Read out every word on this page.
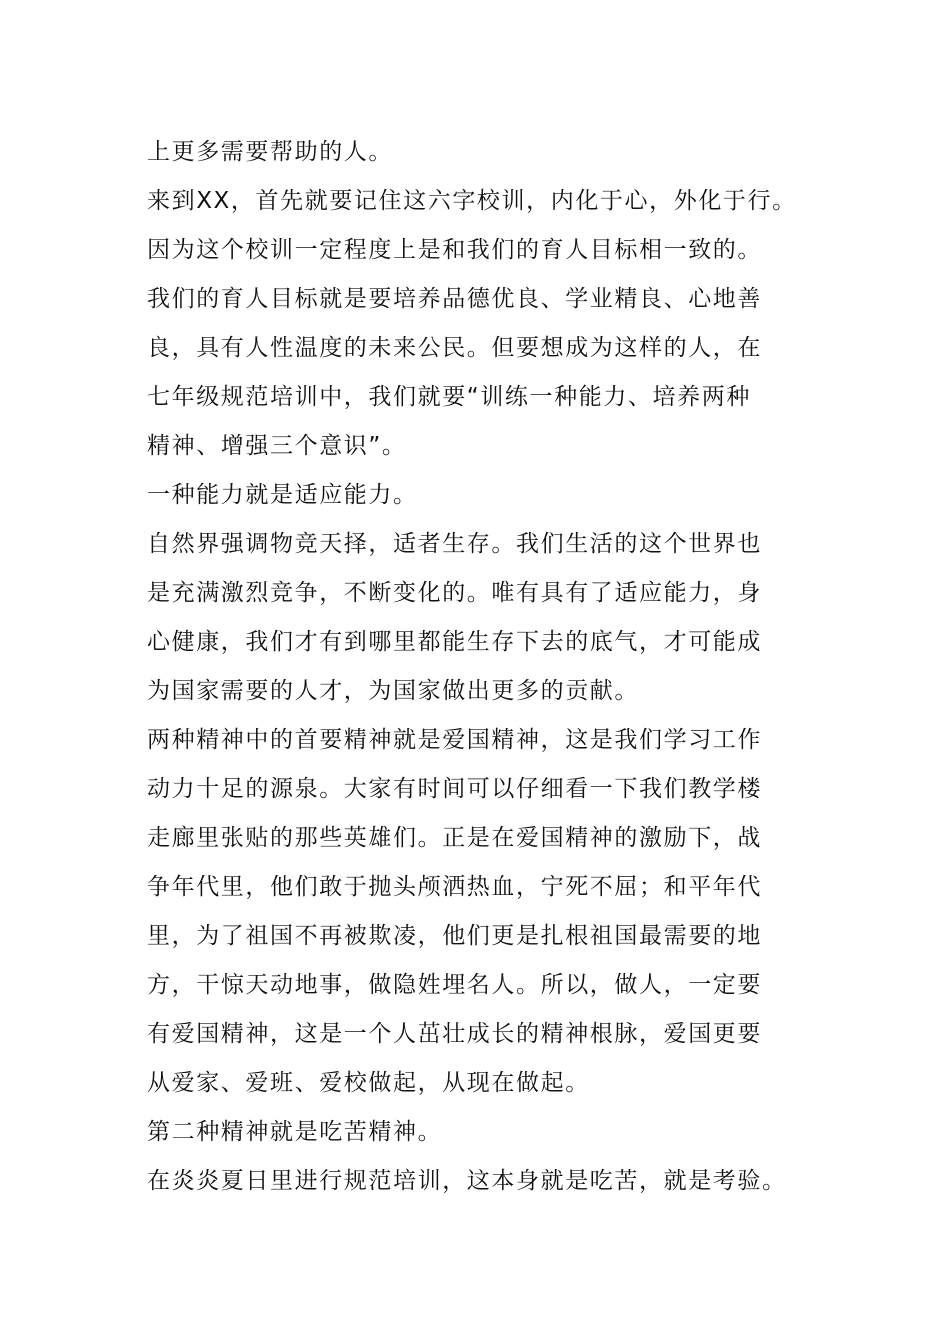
上更多需要帮助的人。
来到XX，首先就要记住这六字校训，内化于心，外化于行。
因为这个校训一定程度上是和我们的育人目标相一致的。
我们的育人目标就是要培养品德优良、学业精良、心地善
良，具有人性温度的未来公民。但要想成为这样的人，在
七年级规范培训中，我们就要“训练一种能力、培养两种
精神、增强三个意识”。
一种能力就是适应能力。
自然界强调物竞天择，适者生存。我们生活的这个世界也
是充满激烈竞争，不断变化的。唯有具有了适应能力，身
心健康，我们才有到哪里都能生存下去的底气，才可能成
为国家需要的人才，为国家做出更多的贡献。
两种精神中的首要精神就是爱国精神，这是我们学习工作
动力十足的源泉。大家有时间可以仔细看一下我们教学楼
走廊里张贴的那些英雄们。正是在爱国精神的激励下，战
争年代里，他们敢于抛头颅洒热血，宁死不屈；和平年代
里，为了祖国不再被欺凌，他们更是扎根祖国最需要的地
方，干惊天动地事，做隐姓埋名人。所以，做人，一定要
有爱国精神，这是一个人茁壮成长的精神根脉，爱国更要
从爱家、爱班、爱校做起，从现在做起。
第二种精神就是吃苦精神。
在炎炎夏日里进行规范培训，这本身就是吃苦，就是考验。
